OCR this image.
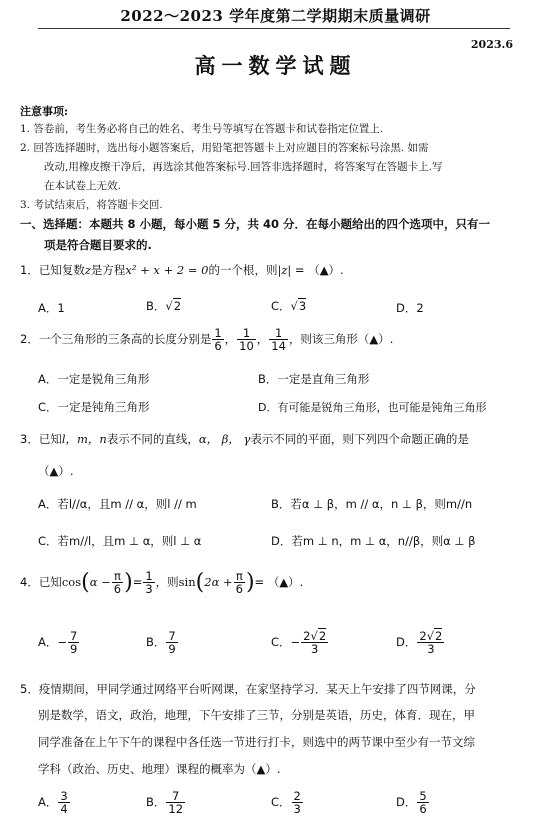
2022～2023 学年度第二学期期末质量调研
2023.6
高一数学试题
注意事项:
1. 答卷前，考生务必将自己的姓名、考生号等填写在答题卡和试卷指定位置上.
2. 回答选择题时，选出每小题答案后，用铅笔把答题卡上对应题目的答案标号涂黑. 如需
改动,用橡皮擦干净后，再选涂其他答案标号.回答非选择题时，将答案写在答题卡上.写
在本试卷上无效.
3. 考试结束后，将答题卡交回.
一、选择题：本题共 8 小题，每小题 5 分，共 40 分．在每小题给出的四个选项中，只有一
项是符合题目要求的.
1．已知复数z是方程x² + x + 2 = 0的一个根，则|z| = （▲）.
A．1	B．√2	C．√3	D．2
2．一个三角形的三条高的长度分别是 $\frac{1}{6}$ ， $\frac{1}{10}$ ， $\frac{1}{14}$ ，则该三角形（▲）.
A．一定是锐角三角形	B．一定是直角三角形
C．一定是钝角三角形	D．有可能是锐角三角形，也可能是钝角三角形
3．已知l，m，n表示不同的直线，α， β， γ表示不同的平面，则下列四个命题正确的是
（▲）.
A．若l//α，且m // α，则l // m	B．若α ⊥ β，m // α，n ⊥ β，则m//n
C．若m//l，且m ⊥ α，则l ⊥ α	D．若m ⊥ n，m ⊥ α，n//β，则α ⊥ β
4．已知$\cos(\alpha - \frac{\pi}{6}$ )= $\frac{1}{3}$ ，则$\sin(2\alpha + \frac{\pi}{6}$ )= （▲）.
A．− $\frac{7}{9}$	B． $\frac{7}{9}$	C．− $\frac{2√2}{3}$	D． $\frac{2√2}{3}$
5．疫情期间，甲同学通过网络平台听网课，在家坚持学习．某天上午安排了四节网课，分
别是数学，语文，政治，地理，下午安排了三节，分别是英语，历史，体育．现在，甲
同学准备在上午下午的课程中各任选一节进行打卡，则选中的两节课中至少有一节文综
学科（政治、历史、地理）课程的概率为（▲）.
A． $\frac{3}{4}$	B． $\frac{7}{12}$	C． $\frac{2}{3}$	D． $\frac{5}{6}$
